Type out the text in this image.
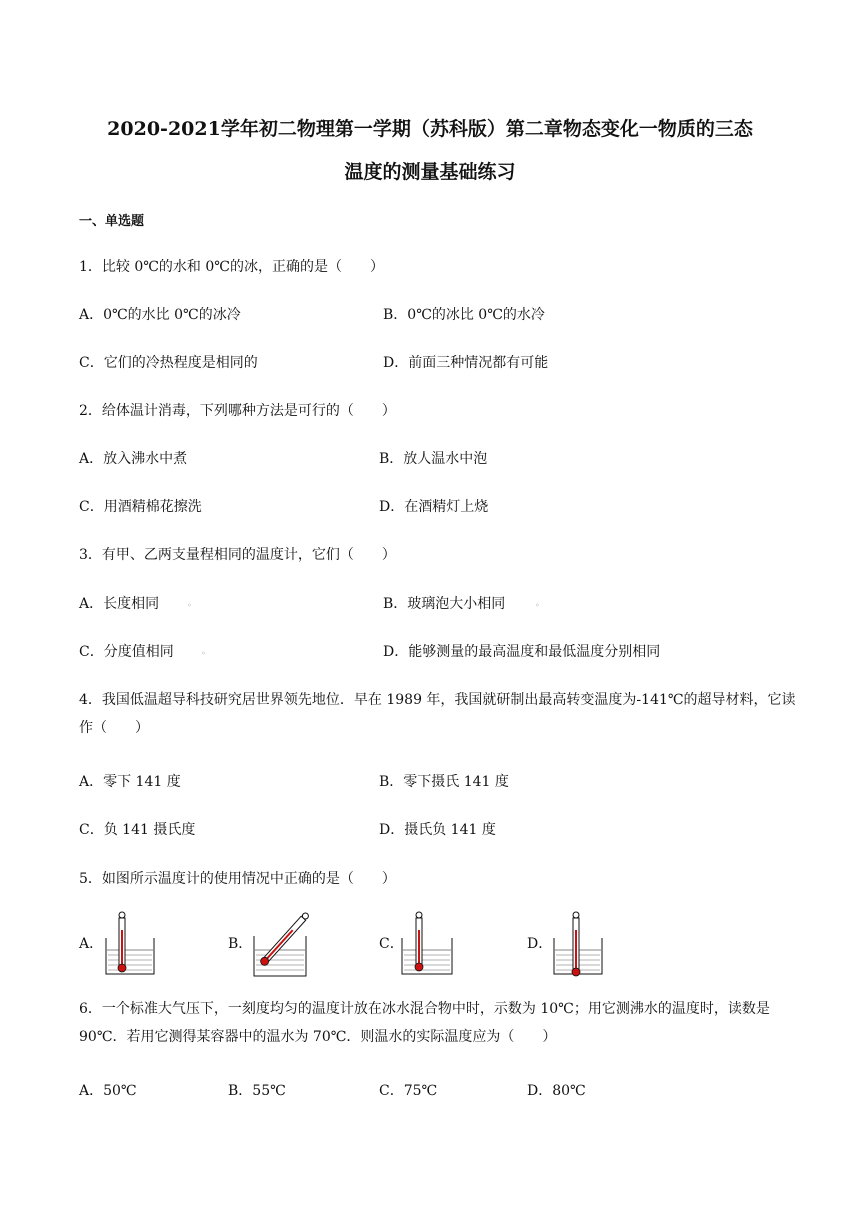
2020-2021学年初二物理第一学期（苏科版）第二章物态变化一物质的三态
温度的测量基础练习
一、单选题
1．比较 0℃的水和 0℃的冰，正确的是（　　）
A．0℃的水比 0℃的冰冷	B．0℃的冰比 0℃的水冷
C．它们的冷热程度是相同的	D．前面三种情况都有可能
2．给体温计消毒，下列哪种方法是可行的（　　）
A．放入沸水中煮	B．放人温水中泡
C．用酒精棉花擦洗	D．在酒精灯上烧
3．有甲、乙两支量程相同的温度计，它们（　　）
A．长度相同	◦	B．玻璃泡大小相同	◦
C．分度值相同	◦	D．能够测量的最高温度和最低温度分别相同
4．我国低温超导科技研究居世界领先地位．早在 1989 年，我国就研制出最高转变温度为-141℃的超导材料，它读作（　　）
A．零下 141 度	B．零下摄氏 141 度
C．负 141 摄氏度	D．摄氏负 141 度
5．如图所示温度计的使用情况中正确的是（　　）
A．	B．	C．	D．
6．一个标准大气压下，一刻度均匀的温度计放在冰水混合物中时，示数为 10℃；用它测沸水的温度时，读数是 90℃．若用它测得某容器中的温水为 70℃．则温水的实际温度应为（　　）
A．50℃	B．55℃	C．75℃	D．80℃
